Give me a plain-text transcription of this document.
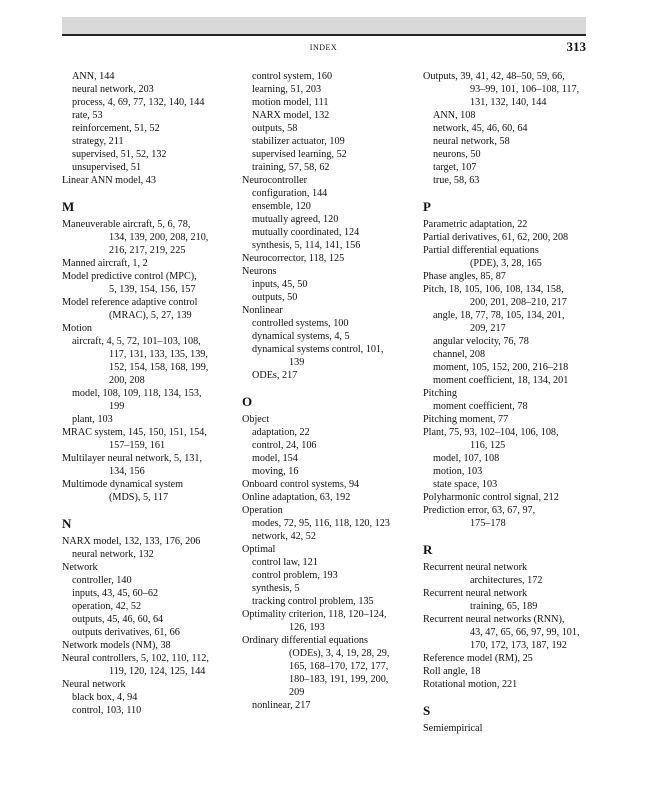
INDEX	313
ANN, 144
neural network, 203
process, 4, 69, 77, 132, 140, 144
rate, 53
reinforcement, 51, 52
strategy, 211
supervised, 51, 52, 132
unsupervised, 51
Linear ANN model, 43
M
Maneuverable aircraft, 5, 6, 78,
134, 139, 200, 208, 210,
216, 217, 219, 225
Manned aircraft, 1, 2
Model predictive control (MPC),
5, 139, 154, 156, 157
Model reference adaptive control
(MRAC), 5, 27, 139
Motion
aircraft, 4, 5, 72, 101–103, 108,
117, 131, 133, 135, 139,
152, 154, 158, 168, 199,
200, 208
model, 108, 109, 118, 134, 153,
199
plant, 103
MRAC system, 145, 150, 151, 154,
157–159, 161
Multilayer neural network, 5, 131,
134, 156
Multimode dynamical system
(MDS), 5, 117
N
NARX model, 132, 133, 176, 206
neural network, 132
Network
controller, 140
inputs, 43, 45, 60–62
operation, 42, 52
outputs, 45, 46, 60, 64
outputs derivatives, 61, 66
Network models (NM), 38
Neural controllers, 5, 102, 110, 112,
119, 120, 124, 125, 144
Neural network
black box, 4, 94
control, 103, 110
control system, 160
learning, 51, 203
motion model, 111
NARX model, 132
outputs, 58
stabilizer actuator, 109
supervised learning, 52
training, 57, 58, 62
Neurocontroller
configuration, 144
ensemble, 120
mutually agreed, 120
mutually coordinated, 124
synthesis, 5, 114, 141, 156
Neurocorrector, 118, 125
Neurons
inputs, 45, 50
outputs, 50
Nonlinear
controlled systems, 100
dynamical systems, 4, 5
dynamical systems control, 101,
139
ODEs, 217
O
Object
adaptation, 22
control, 24, 106
model, 154
moving, 16
Onboard control systems, 94
Online adaptation, 63, 192
Operation
modes, 72, 95, 116, 118, 120, 123
network, 42, 52
Optimal
control law, 121
control problem, 193
synthesis, 5
tracking control problem, 135
Optimality criterion, 118, 120–124,
126, 193
Ordinary differential equations
(ODEs), 3, 4, 19, 28, 29,
165, 168–170, 172, 177,
180–183, 191, 199, 200,
209
nonlinear, 217
Outputs, 39, 41, 42, 48–50, 59, 66,
93–99, 101, 106–108, 117,
131, 132, 140, 144
ANN, 108
network, 45, 46, 60, 64
neural network, 58
neurons, 50
target, 107
true, 58, 63
P
Parametric adaptation, 22
Partial derivatives, 61, 62, 200, 208
Partial differential equations
(PDE), 3, 28, 165
Phase angles, 85, 87
Pitch, 18, 105, 106, 108, 134, 158,
200, 201, 208–210, 217
angle, 18, 77, 78, 105, 134, 201,
209, 217
angular velocity, 76, 78
channel, 208
moment, 105, 152, 200, 216–218
moment coefficient, 18, 134, 201
Pitching
moment coefficient, 78
Pitching moment, 77
Plant, 75, 93, 102–104, 106, 108,
116, 125
model, 107, 108
motion, 103
state space, 103
Polyharmonic control signal, 212
Prediction error, 63, 67, 97,
175–178
R
Recurrent neural network
architectures, 172
Recurrent neural network
training, 65, 189
Recurrent neural networks (RNN),
43, 47, 65, 66, 97, 99, 101,
170, 172, 173, 187, 192
Reference model (RM), 25
Roll angle, 18
Rotational motion, 221
S
Semiempirical
